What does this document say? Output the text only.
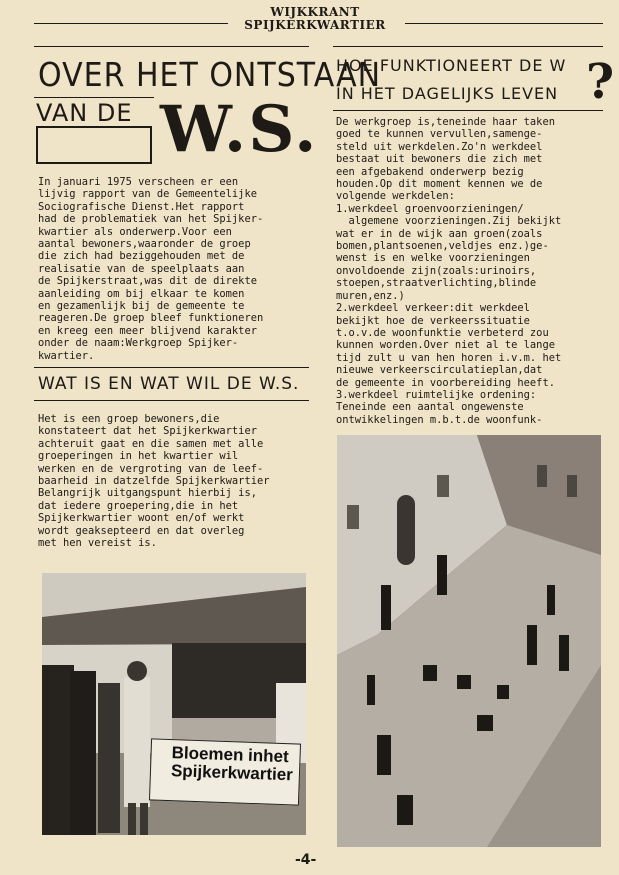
WIJKKRANT
SPIJKERKWARTIER
OVER HET ONTSTAAN
VAN DE W.S.
In januari 1975 verscheen er een
lijvig rapport van de Gemeentelijke
Sociografische Dienst.Het rapport
had de problematiek van het Spijker-
kwartier als onderwerp.Voor een
aantal bewoners,waaronder de groep
die zich had beziggehouden met de
realisatie van de speelplaats aan
de Spijkerstraat,was dit de direkte
aanleiding om bij elkaar te komen
en gezamenlijk bij de gemeente te
reageren.De groep bleef funktioneren
en kreeg een meer blijvend karakter
onder de naam:Werkgroep Spijker-
kwartier.
WAT IS EN WAT WIL DE W.S.
Het is een groep bewoners,die
konstateert dat het Spijkerkwartier
achteruit gaat en die samen met alle
groeperingen in het kwartier wil
werken en de vergroting van de leef-
baarheid in datzelfde Spijkerkwartier
Belangrijk uitgangspunt hierbij is,
dat iedere groepering,die in het
Spijkerkwartier woont en/of werkt
wordt geaksepteerd en dat overleg
met hen vereist is.
Bloemen inhet
Spijkerkwartier
HOE FUNKTIONEERT DE W
IN HET DAGELIJKS LEVEN ?
De werkgroep is,teneinde haar taken
goed te kunnen vervullen,samenge-
steld uit werkdelen.Zo'n werkdeel
bestaat uit bewoners die zich met
een afgebakend onderwerp bezig
houden.Op dit moment kennen we de
volgende werkdelen:
1.werkdeel groenvoorzieningen/
algemene voorzieningen.Zij bekijkt
wat er in de wijk aan groen(zoals
bomen,plantsoenen,veldjes enz.)ge-
wenst is en welke voorzieningen
onvoldoende zijn(zoals:urinoirs,
stoepen,straatverlichting,blinde
muren,enz.)
2.werkdeel verkeer:dit werkdeel
bekijkt hoe de verkeerssituatie
t.o.v.de woonfunktie verbeterd zou
kunnen worden.Over niet al te lange
tijd zult u van hen horen i.v.m. het
nieuwe verkeerscirculatieplan,dat
de gemeente in voorbereiding heeft.
3.werkdeel ruimtelijke ordening:
Teneinde een aantal ongewenste
ontwikkelingen m.b.t.de woonfunk-
-4-
